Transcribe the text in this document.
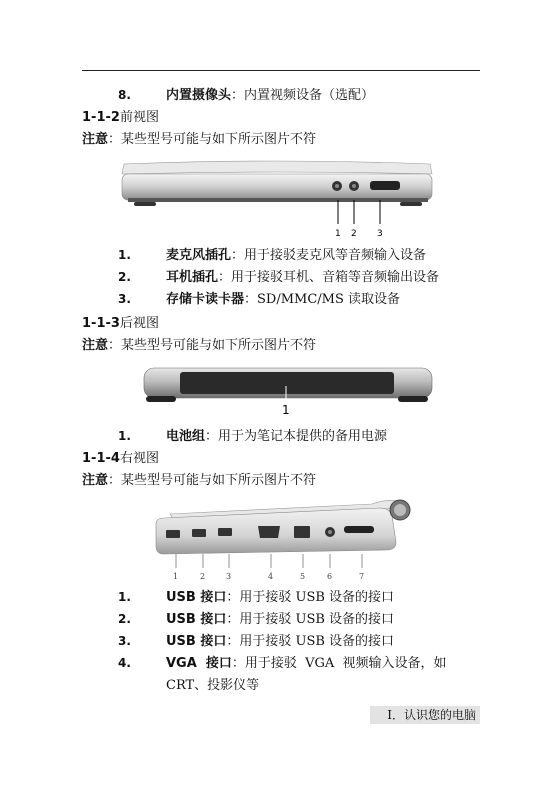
8.	内置摄像头：内置视频设备（选配）
1-1-2前视图
注意：某些型号可能与如下所示图片不符
1 2 3
1.	麦克风插孔：用于接驳麦克风等音频输入设备
2.	耳机插孔：用于接驳耳机、音箱等音频输出设备
3.	存储卡读卡器：SD/MMC/MS 读取设备
1-1-3后视图
注意：某些型号可能与如下所示图片不符
1
1.	电池组：用于为笔记本提供的备用电源
1-1-4右视图
注意：某些型号可能与如下所示图片不符
1	2	3	4	5	6	7
1.	USB 接口：用于接驳 USB 设备的接口
2.	USB 接口：用于接驳 USB 设备的接口
3.	USB 接口：用于接驳 USB 设备的接口
4.	VGA  接口：用于接驳  VGA  视频输入设备，如
CRT、投影仪等
I．认识您的电脑
